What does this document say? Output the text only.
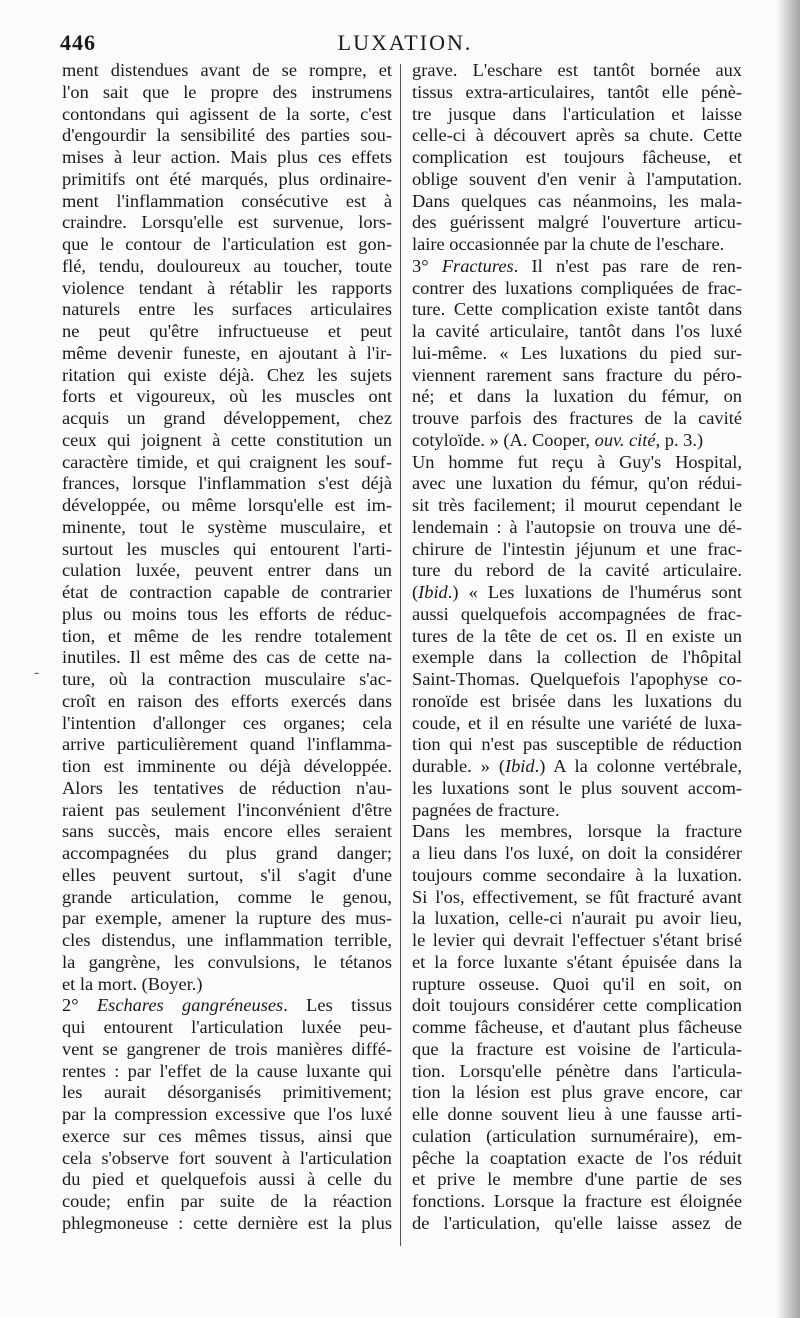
446	LUXATION.
ment distendues avant de se rompre, et
l'on sait que le propre des instrumens
contondans qui agissent de la sorte, c'est
d'engourdir la sensibilité des parties sou-
mises à leur action. Mais plus ces effets
primitifs ont été marqués, plus ordinaire-
ment l'inflammation consécutive est à
craindre. Lorsqu'elle est survenue, lors-
que le contour de l'articulation est gon-
flé, tendu, douloureux au toucher, toute
violence tendant à rétablir les rapports
naturels entre les surfaces articulaires
ne peut qu'être infructueuse et peut
même devenir funeste, en ajoutant à l'ir-
ritation qui existe déjà. Chez les sujets
forts et vigoureux, où les muscles ont
acquis un grand développement, chez
ceux qui joignent à cette constitution un
caractère timide, et qui craignent les souf-
frances, lorsque l'inflammation s'est déjà
développée, ou même lorsqu'elle est im-
minente, tout le système musculaire, et
surtout les muscles qui entourent l'arti-
culation luxée, peuvent entrer dans un
état de contraction capable de contrarier
plus ou moins tous les efforts de réduc-
tion, et même de les rendre totalement
inutiles. Il est même des cas de cette na-
ture, où la contraction musculaire s'ac-
croît en raison des efforts exercés dans
l'intention d'allonger ces organes; cela
arrive particulièrement quand l'inflamma-
tion est imminente ou déjà développée.
Alors les tentatives de réduction n'au-
raient pas seulement l'inconvénient d'être
sans succès, mais encore elles seraient
accompagnées du plus grand danger;
elles peuvent surtout, s'il s'agit d'une
grande articulation, comme le genou,
par exemple, amener la rupture des mus-
cles distendus, une inflammation terrible,
la gangrène, les convulsions, le tétanos
et la mort. (Boyer.)
2° Eschares gangréneuses. Les tissus
qui entourent l'articulation luxée peu-
vent se gangrener de trois manières diffé-
rentes : par l'effet de la cause luxante qui
les aurait désorganisés primitivement;
par la compression excessive que l'os luxé
exerce sur ces mêmes tissus, ainsi que
cela s'observe fort souvent à l'articulation
du pied et quelquefois aussi à celle du
coude; enfin par suite de la réaction
phlegmoneuse : cette dernière est la plus
grave. L'eschare est tantôt bornée aux
tissus extra-articulaires, tantôt elle pénè-
tre jusque dans l'articulation et laisse
celle-ci à découvert après sa chute. Cette
complication est toujours fâcheuse, et
oblige souvent d'en venir à l'amputation.
Dans quelques cas néanmoins, les mala-
des guérissent malgré l'ouverture articu-
laire occasionnée par la chute de l'eschare.
3° Fractures. Il n'est pas rare de ren-
contrer des luxations compliquées de frac-
ture. Cette complication existe tantôt dans
la cavité articulaire, tantôt dans l'os luxé
lui-même. « Les luxations du pied sur-
viennent rarement sans fracture du péro-
né; et dans la luxation du fémur, on
trouve parfois des fractures de la cavité
cotyloïde. » (A. Cooper, ouv. cité, p. 3.)
Un homme fut reçu à Guy's Hospital,
avec une luxation du fémur, qu'on rédui-
sit très facilement; il mourut cependant le
lendemain : à l'autopsie on trouva une dé-
chirure de l'intestin jéjunum et une frac-
ture du rebord de la cavité articulaire.
(Ibid.) « Les luxations de l'humérus sont
aussi quelquefois accompagnées de frac-
tures de la tête de cet os. Il en existe un
exemple dans la collection de l'hôpital
Saint-Thomas. Quelquefois l'apophyse co-
ronoïde est brisée dans les luxations du
coude, et il en résulte une variété de luxa-
tion qui n'est pas susceptible de réduction
durable. » (Ibid.) A la colonne vertébrale,
les luxations sont le plus souvent accom-
pagnées de fracture.
Dans les membres, lorsque la fracture
a lieu dans l'os luxé, on doit la considérer
toujours comme secondaire à la luxation.
Si l'os, effectivement, se fût fracturé avant
la luxation, celle-ci n'aurait pu avoir lieu,
le levier qui devrait l'effectuer s'étant brisé
et la force luxante s'étant épuisée dans la
rupture osseuse. Quoi qu'il en soit, on
doit toujours considérer cette complication
comme fâcheuse, et d'autant plus fâcheuse
que la fracture est voisine de l'articula-
tion. Lorsqu'elle pénètre dans l'articula-
tion la lésion est plus grave encore, car
elle donne souvent lieu à une fausse arti-
culation (articulation surnuméraire), em-
pêche la coaptation exacte de l'os réduit
et prive le membre d'une partie de ses
fonctions. Lorsque la fracture est éloignée
de l'articulation, qu'elle laisse assez de
-
